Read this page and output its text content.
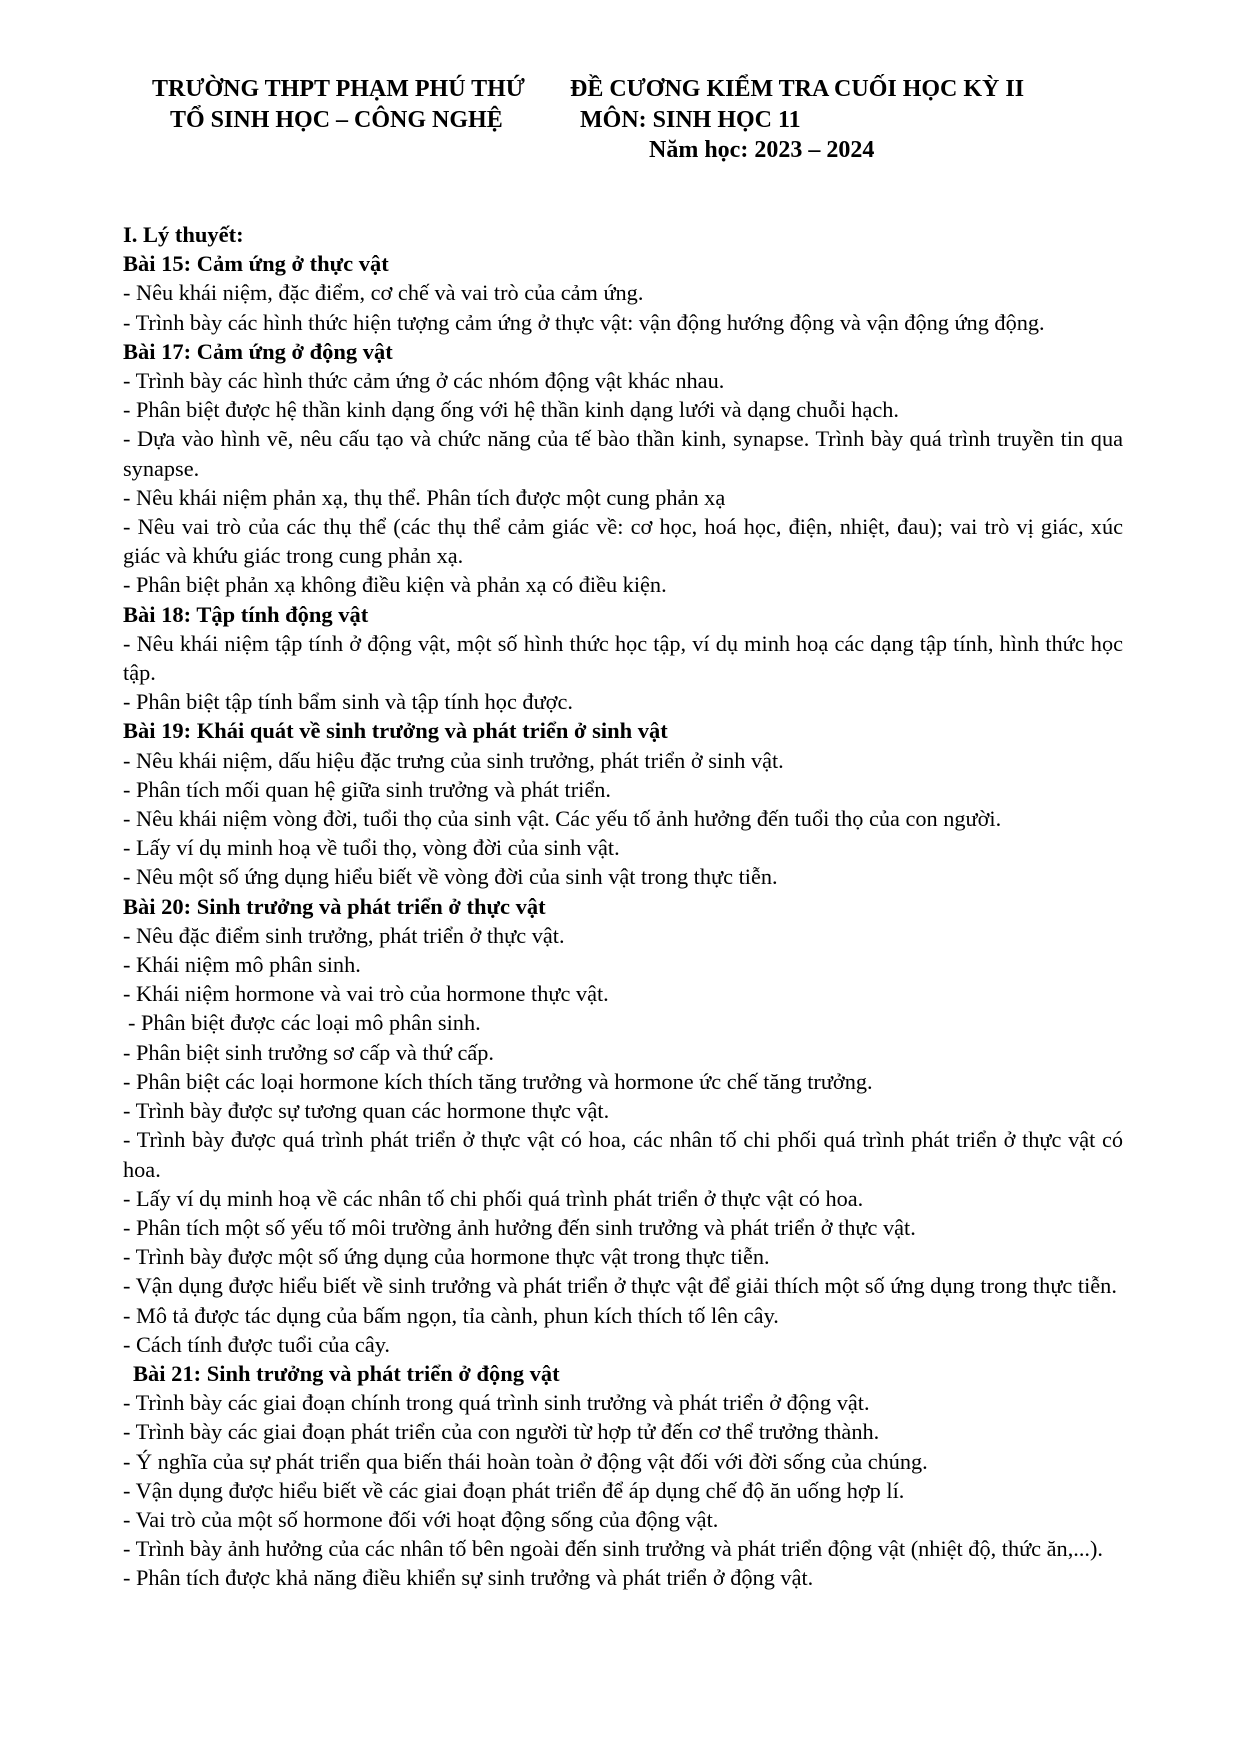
TRƯỜNG THPT PHẠM PHÚ THỨ
TỔ SINH HỌC – CÔNG NGHỆ
ĐỀ CƯƠNG KIỂM TRA CUỐI HỌC KỲ II
MÔN: SINH HỌC 11
Năm học: 2023 – 2024
I. Lý thuyết:
Bài 15: Cảm ứng ở thực vật
- Nêu khái niệm, đặc điểm, cơ chế và vai trò của cảm ứng.
- Trình bày các hình thức hiện tượng cảm ứng ở thực vật: vận động hướng động và vận động ứng động.
Bài 17: Cảm ứng ở động vật
- Trình bày các hình thức cảm ứng ở các nhóm động vật khác nhau.
- Phân biệt được hệ thần kinh dạng ống với hệ thần kinh dạng lưới và dạng chuỗi hạch.
- Dựa vào hình vẽ, nêu cấu tạo và chức năng của tế bào thần kinh, synapse. Trình bày quá trình truyền tin qua synapse.
- Nêu khái niệm phản xạ, thụ thể. Phân tích được một cung phản xạ
- Nêu vai trò của các thụ thể (các thụ thể cảm giác về: cơ học, hoá học, điện, nhiệt, đau); vai trò vị giác, xúc giác và khứu giác trong cung phản xạ.
- Phân biệt phản xạ không điều kiện và phản xạ có điều kiện.
Bài 18: Tập tính động vật
- Nêu khái niệm tập tính ở động vật, một số hình thức học tập, ví dụ minh hoạ các dạng tập tính, hình thức học tập.
- Phân biệt tập tính bẩm sinh và tập tính học được.
Bài 19: Khái quát về sinh trưởng và phát triển ở sinh vật
- Nêu khái niệm, dấu hiệu đặc trưng của sinh trưởng, phát triển ở sinh vật.
- Phân tích mối quan hệ giữa sinh trưởng và phát triển.
- Nêu khái niệm vòng đời, tuổi thọ của sinh vật. Các yếu tố ảnh hưởng đến tuổi thọ của con người.
- Lấy ví dụ minh hoạ về tuổi thọ, vòng đời của sinh vật.
- Nêu một số ứng dụng hiểu biết về vòng đời của sinh vật trong thực tiễn.
Bài 20: Sinh trưởng và phát triển ở thực vật
- Nêu đặc điểm sinh trưởng, phát triển ở thực vật.
- Khái niệm mô phân sinh.
- Khái niệm hormone và vai trò của hormone thực vật.
- Phân biệt được các loại mô phân sinh.
- Phân biệt sinh trưởng sơ cấp và thứ cấp.
- Phân biệt các loại hormone kích thích tăng trưởng và hormone ức chế tăng trưởng.
- Trình bày được sự tương quan các hormone thực vật.
- Trình bày được quá trình phát triển ở thực vật có hoa, các nhân tố chi phối quá trình phát triển ở thực vật có hoa.
- Lấy ví dụ minh hoạ về các nhân tố chi phối quá trình phát triển ở thực vật có hoa.
- Phân tích một số yếu tố môi trường ảnh hưởng đến sinh trưởng và phát triển ở thực vật.
- Trình bày được một số ứng dụng của hormone thực vật trong thực tiễn.
- Vận dụng được hiểu biết về sinh trưởng và phát triển ở thực vật để giải thích một số ứng dụng trong thực tiễn.
- Mô tả được tác dụng của bấm ngọn, tỉa cành, phun kích thích tố lên cây.
- Cách tính được tuổi của cây.
Bài 21: Sinh trưởng và phát triển ở động vật
- Trình bày các giai đoạn chính trong quá trình sinh trưởng và phát triển ở động vật.
- Trình bày các giai đoạn phát triển của con người từ hợp tử đến cơ thể trưởng thành.
- Ý nghĩa của sự phát triển qua biến thái hoàn toàn ở động vật đối với đời sống của chúng.
- Vận dụng được hiểu biết về các giai đoạn phát triển để áp dụng chế độ ăn uống hợp lí.
- Vai trò của một số hormone đối với hoạt động sống của động vật.
- Trình bày ảnh hưởng của các nhân tố bên ngoài đến sinh trưởng và phát triển động vật (nhiệt độ, thức ăn,...).
- Phân tích được khả năng điều khiển sự sinh trưởng và phát triển ở động vật.
